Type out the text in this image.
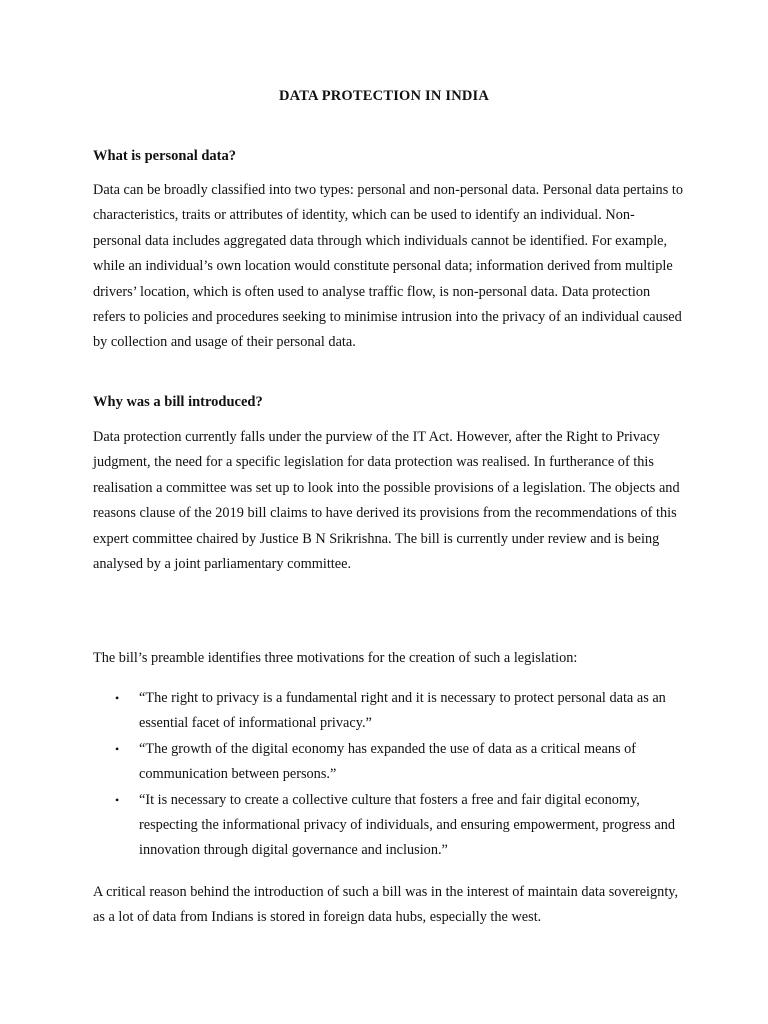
DATA PROTECTION IN INDIA
What is personal data?

Data can be broadly classified into two types: personal and non-personal data. Personal data pertains to characteristics, traits or attributes of identity, which can be used to identify an individual. Non-personal data includes aggregated data through which individuals cannot be identified. For example, while an individual’s own location would constitute personal data; information derived from multiple drivers’ location, which is often used to analyse traffic flow, is non-personal data. Data protection refers to policies and procedures seeking to minimise intrusion into the privacy of an individual caused by collection and usage of their personal data.

Why was a bill introduced?

Data protection currently falls under the purview of the IT Act. However, after the Right to Privacy judgment, the need for a specific legislation for data protection was realised. In furtherance of this realisation a committee was set up to look into the possible provisions of a legislation. The objects and reasons clause of the 2019 bill claims to have derived its provisions from the recommendations of this expert committee chaired by Justice B N Srikrishna. The bill is currently under review and is being analysed by a joint parliamentary committee.

The bill’s preamble identifies three motivations for the creation of such a legislation:

• “The right to privacy is a fundamental right and it is necessary to protect personal data as an essential facet of informational privacy.”
• “The growth of the digital economy has expanded the use of data as a critical means of communication between persons.”
• “It is necessary to create a collective culture that fosters a free and fair digital economy, respecting the informational privacy of individuals, and ensuring empowerment, progress and innovation through digital governance and inclusion.”

A critical reason behind the introduction of such a bill was in the interest of maintain data sovereignty, as a lot of data from Indians is stored in foreign data hubs, especially the west.
